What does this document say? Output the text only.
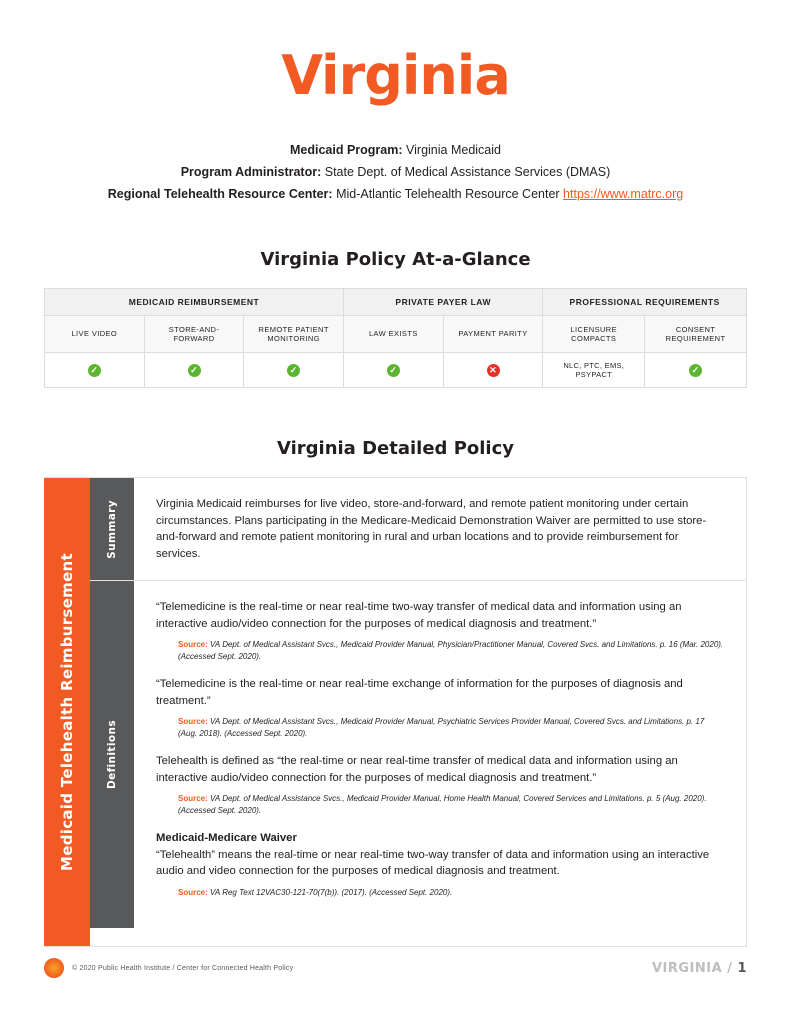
Virginia
Medicaid Program: Virginia Medicaid
Program Administrator: State Dept. of Medical Assistance Services (DMAS)
Regional Telehealth Resource Center: Mid-Atlantic Telehealth Resource Center https://www.matrc.org
Virginia Policy At-a-Glance
MEDICAID REIMBURSEMENT			PRIVATE PAYER LAW		PROFESSIONAL REQUIREMENTS	
LIVE VIDEO	STORE-AND-FORWARD	REMOTE PATIENT MONITORING	LAW EXISTS	PAYMENT PARITY	LICENSURE COMPACTS	CONSENT REQUIREMENT
✓	✓	✓	✓	✕	NLC, PTC, EMS, PSYPACT	✓
Virginia Detailed Policy
Medicaid Telehealth Reimbursement
Summary	Virginia Medicaid reimburses for live video, store-and-forward, and remote patient monitoring under certain circumstances. Plans participating in the Medicare-Medicaid Demonstration Waiver are permitted to use store-and-forward and remote patient monitoring in rural and urban locations and to provide reimbursement for services.

Definitions

“Telemedicine is the real-time or near real-time two-way transfer of medical data and information using an interactive audio/video connection for the purposes of medical diagnosis and treatment.”

Source: VA Dept. of Medical Assistant Svcs., Medicaid Provider Manual, Physician/Practitioner Manual, Covered Svcs. and Limitations. p. 16 (Mar. 2020). (Accessed Sept. 2020).

“Telemedicine is the real-time or near real-time exchange of information for the purposes of diagnosis and treatment.”

Source: VA Dept. of Medical Assistant Svcs., Medicaid Provider Manual, Psychiatric Services Provider Manual, Covered Svcs. and Limitations. p. 17 (Aug. 2018). (Accessed Sept. 2020).

Telehealth is defined as “the real-time or near real-time transfer of medical data and information using an interactive audio/video connection for the purposes of medical diagnosis and treatment.”

Source: VA Dept. of Medical Assistance Svcs., Medicaid Provider Manual, Home Health Manual, Covered Services and Limitations. p. 5 (Aug. 2020). (Accessed Sept. 2020).

Medicaid-Medicare Waiver

“Telehealth” means the real-time or near real-time two-way transfer of data and information using an interactive audio and video connection for the purposes of medical diagnosis and treatment.

Source: VA Reg Text 12VAC30-121-70(7(b)). (2017). (Accessed Sept. 2020).
© 2020 Public Health Institute / Center for Connected Health Policy	VIRGINIA / 1
